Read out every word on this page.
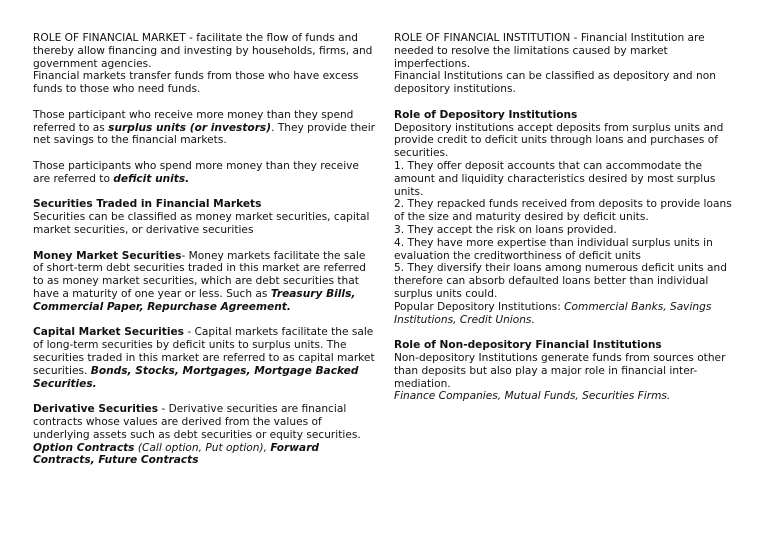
ROLE OF FINANCIAL MARKET - facilitate the flow of funds and thereby allow financing and investing by households, firms, and government agencies.

Financial markets transfer funds from those who have excess funds to those who need funds.

Those participant who receive more money than they spend referred to as surplus units (or investors). They provide their net savings to the financial markets.

Those participants who spend more money than they receive are referred to deficit units.

Securities Traded in Financial Markets

Securities can be classified as money market securities, capital market securities, or derivative securities

Money Market Securities- Money markets facilitate the sale of short-term debt securities traded in this market are referred to as money market securities, which are debt securities that have a maturity of one year or less. Such as Treasury Bills, Commercial Paper, Repurchase Agreement.

Capital Market Securities - Capital markets facilitate the sale of long-term securities by deficit units to surplus units. The securities traded in this market are referred to as capital market securities. Bonds, Stocks, Mortgages, Mortgage Backed Securities.

Derivative Securities - Derivative securities are financial contracts whose values are derived from the values of underlying assets such as debt securities or equity securities.

Option Contracts (Call option, Put option), Forward Contracts, Future Contracts

ROLE OF FINANCIAL INSTITUTION - Financial Institution are needed to resolve the limitations caused by market imperfections.

Financial Institutions can be classified as depository and non depository institutions.

Role of Depository Institutions

Depository institutions accept deposits from surplus units and provide credit to deficit units through loans and purchases of securities.

1. They offer deposit accounts that can accommodate the amount and liquidity characteristics desired by most surplus units.

2. They repacked funds received from deposits to provide loans of the size and maturity desired by deficit units.

3. They accept the risk on loans provided.

4. They have more expertise than individual surplus units in evaluation the creditworthiness of deficit units

5. They diversify their loans among numerous deficit units and therefore can absorb defaulted loans better than individual surplus units could.

Popular Depository Institutions: Commercial Banks, Savings Institutions, Credit Unions.

Role of Non-depository Financial Institutions

Non-depository Institutions generate funds from sources other than deposits but also play a major role in financial inter-mediation.

Finance Companies, Mutual Funds, Securities Firms.
